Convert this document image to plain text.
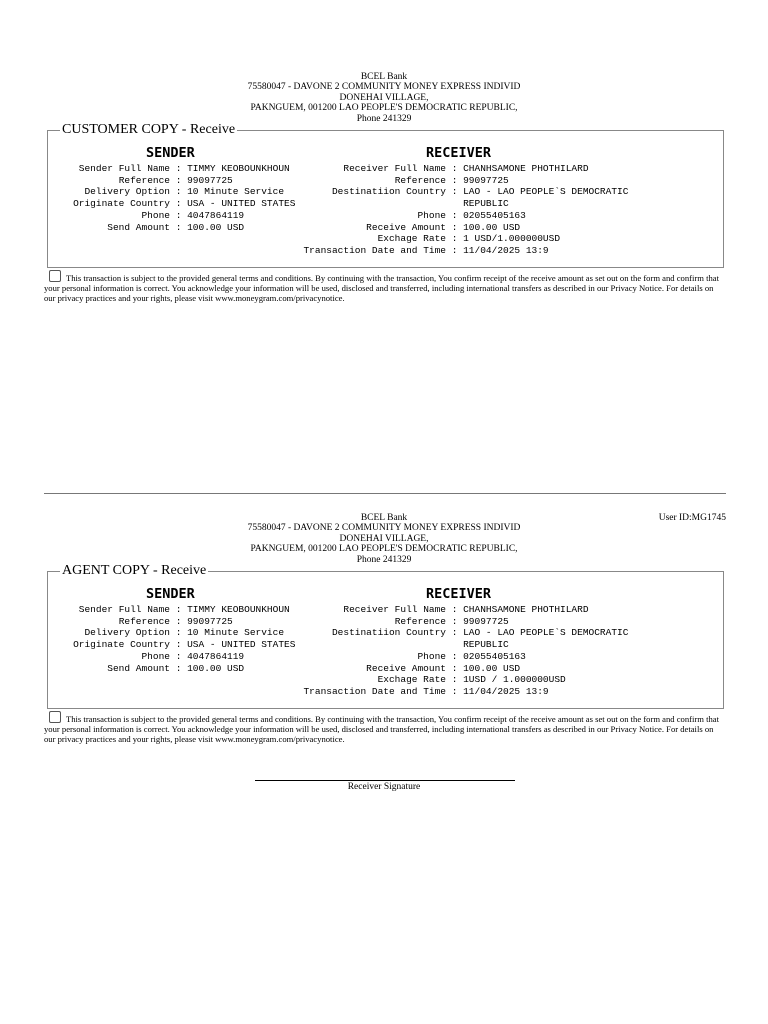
BCEL Bank
75580047 - DAVONE 2 COMMUNITY MONEY EXPRESS INDIVID
DONEHAI VILLAGE,
PAKNGUEM, 001200 LAO PEOPLE'S DEMOCRATIC REPUBLIC,
Phone 241329
CUSTOMER COPY - Receive
SENDER
Sender Full Name : TIMMY KEOBOUNKHOUN
Reference : 99097725
Delivery Option : 10 Minute Service
Originate Country : USA - UNITED STATES
Phone : 4047864119
Send Amount : 100.00 USD
RECEIVER
Receiver Full Name : CHANHSAMONE PHOTHILARD
Reference : 99097725
Destinatiion Country : LAO - LAO PEOPLE`S DEMOCRATIC REPUBLIC
Phone : 02055405163
Receive Amount : 100.00 USD
Exchage Rate : 1 USD/1.000000USD
Transaction Date and Time : 11/04/2025 13:9
This transaction is subject to the provided general terms and conditions. By continuing with the transaction, You confirm receipt of the receive amount as set out on the form and confirm that your personal information is correct. You acknowledge your information will be used, disclosed and transferred, including international transfers as described in our Privacy Notice. For details on our privacy practices and your rights, please visit www.moneygram.com/privacynotice.
User ID:MG1745
BCEL Bank
75580047 - DAVONE 2 COMMUNITY MONEY EXPRESS INDIVID
DONEHAI VILLAGE,
PAKNGUEM, 001200 LAO PEOPLE'S DEMOCRATIC REPUBLIC,
Phone 241329
AGENT COPY - Receive
SENDER
Sender Full Name : TIMMY KEOBOUNKHOUN
Reference : 99097725
Delivery Option : 10 Minute Service
Originate Country : USA - UNITED STATES
Phone : 4047864119
Send Amount : 100.00 USD
RECEIVER
Receiver Full Name : CHANHSAMONE PHOTHILARD
Reference : 99097725
Destinatiion Country : LAO - LAO PEOPLE`S DEMOCRATIC REPUBLIC
Phone : 02055405163
Receive Amount : 100.00 USD
Exchage Rate : 1USD / 1.000000USD
Transaction Date and Time : 11/04/2025 13:9
This transaction is subject to the provided general terms and conditions. By continuing with the transaction, You confirm receipt of the receive amount as set out on the form and confirm that your personal information is correct. You acknowledge your information will be used, disclosed and transferred, including international transfers as described in our Privacy Notice. For details on our privacy practices and your rights, please visit www.moneygram.com/privacynotice.
Receiver Signature
